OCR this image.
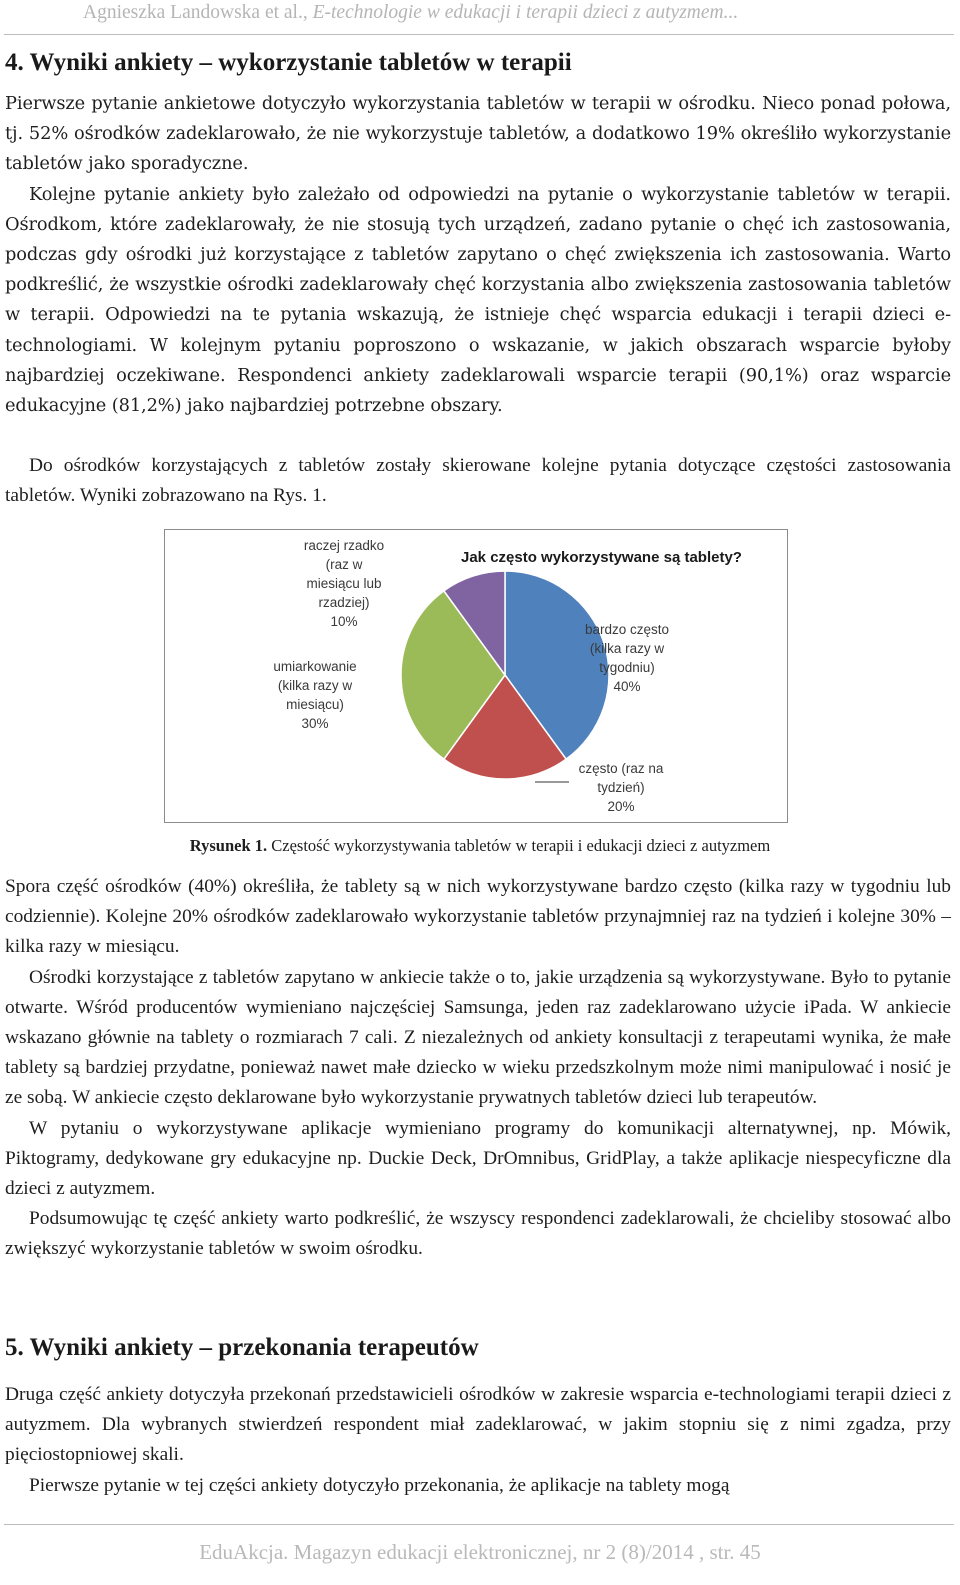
Agnieszka Landowska et al., E-technologie w edukacji i terapii dzieci z autyzmem...
4. Wyniki ankiety – wykorzystanie tabletów w terapii

Pierwsze pytanie ankietowe dotyczyło wykorzystania tabletów w terapii w ośrodku. Nieco ponad połowa, tj. 52% ośrodków zadeklarowało, że nie wykorzystuje tabletów, a dodatkowo 19% określiło wykorzystanie tabletów jako sporadyczne.

Kolejne pytanie ankiety było zależało od odpowiedzi na pytanie o wykorzystanie tabletów w terapii. Ośrodkom, które zadeklarowały, że nie stosują tych urządzeń, zadano pytanie o chęć ich zastosowania, podczas gdy ośrodki już korzystające z tabletów zapytano o chęć zwiększenia ich zastosowania. Warto podkreślić, że wszystkie ośrodki zadeklarowały chęć korzystania albo zwiększenia zastosowania tabletów w terapii. Odpowiedzi na te pytania wskazują, że istnieje chęć wsparcia edukacji i terapii dzieci e-technologiami. W kolejnym pytaniu poproszono o wskazanie, w jakich obszarach wsparcie byłoby najbardziej oczekiwane. Respondenci ankiety zadeklarowali wsparcie terapii (90,1%) oraz wsparcie edukacyjne (81,2%) jako najbardziej potrzebne obszary.

Do ośrodków korzystających z tabletów zostały skierowane kolejne pytania dotyczące częstości zastosowania tabletów. Wyniki zobrazowano na Rys. 1.

Jak często wykorzystywane są tablety?
bardzo często (kilka razy w tygodniu) 40%
często (raz na tydzień) 20%
umiarkowanie (kilka razy w miesiącu) 30%
raczej rzadko (raz w miesiącu lub rzadziej) 10%
Rysunek 1. Częstość wykorzystywania tabletów w terapii i edukacji dzieci z autyzmem

Spora część ośrodków (40%) określiła, że tablety są w nich wykorzystywane bardzo często (kilka razy w tygodniu lub codziennie). Kolejne 20% ośrodków zadeklarowało wykorzystanie tabletów przynajmniej raz na tydzień i kolejne 30% – kilka razy w miesiącu.

Ośrodki korzystające z tabletów zapytano w ankiecie także o to, jakie urządzenia są wykorzystywane. Było to pytanie otwarte. Wśród producentów wymieniano najczęściej Samsunga, jeden raz zadeklarowano użycie iPada. W ankiecie wskazano głównie na tablety o rozmiarach 7 cali. Z niezależnych od ankiety konsultacji z terapeutami wynika, że małe tablety są bardziej przydatne, ponieważ nawet małe dziecko w wieku przedszkolnym może nimi manipulować i nosić je ze sobą. W ankiecie często deklarowane było wykorzystanie prywatnych tabletów dzieci lub terapeutów.

W pytaniu o wykorzystywane aplikacje wymieniano programy do komunikacji alternatywnej, np. Mówik, Piktogramy, dedykowane gry edukacyjne np. Duckie Deck, DrOmnibus, GridPlay, a także aplikacje niespecyficzne dla dzieci z autyzmem.

Podsumowując tę część ankiety warto podkreślić, że wszyscy respondenci zadeklarowali, że chcieliby stosować albo zwiększyć wykorzystanie tabletów w swoim ośrodku.

5. Wyniki ankiety – przekonania terapeutów

Druga część ankiety dotyczyła przekonań przedstawicieli ośrodków w zakresie wsparcia e-technologiami terapii dzieci z autyzmem. Dla wybranych stwierdzeń respondent miał zadeklarować, w jakim stopniu się z nimi zgadza, przy pięciostopniowej skali.

Pierwsze pytanie w tej części ankiety dotyczyło przekonania, że aplikacje na tablety mogą

EduAkcja. Magazyn edukacji elektronicznej, nr 2 (8)/2014 , str. 45
